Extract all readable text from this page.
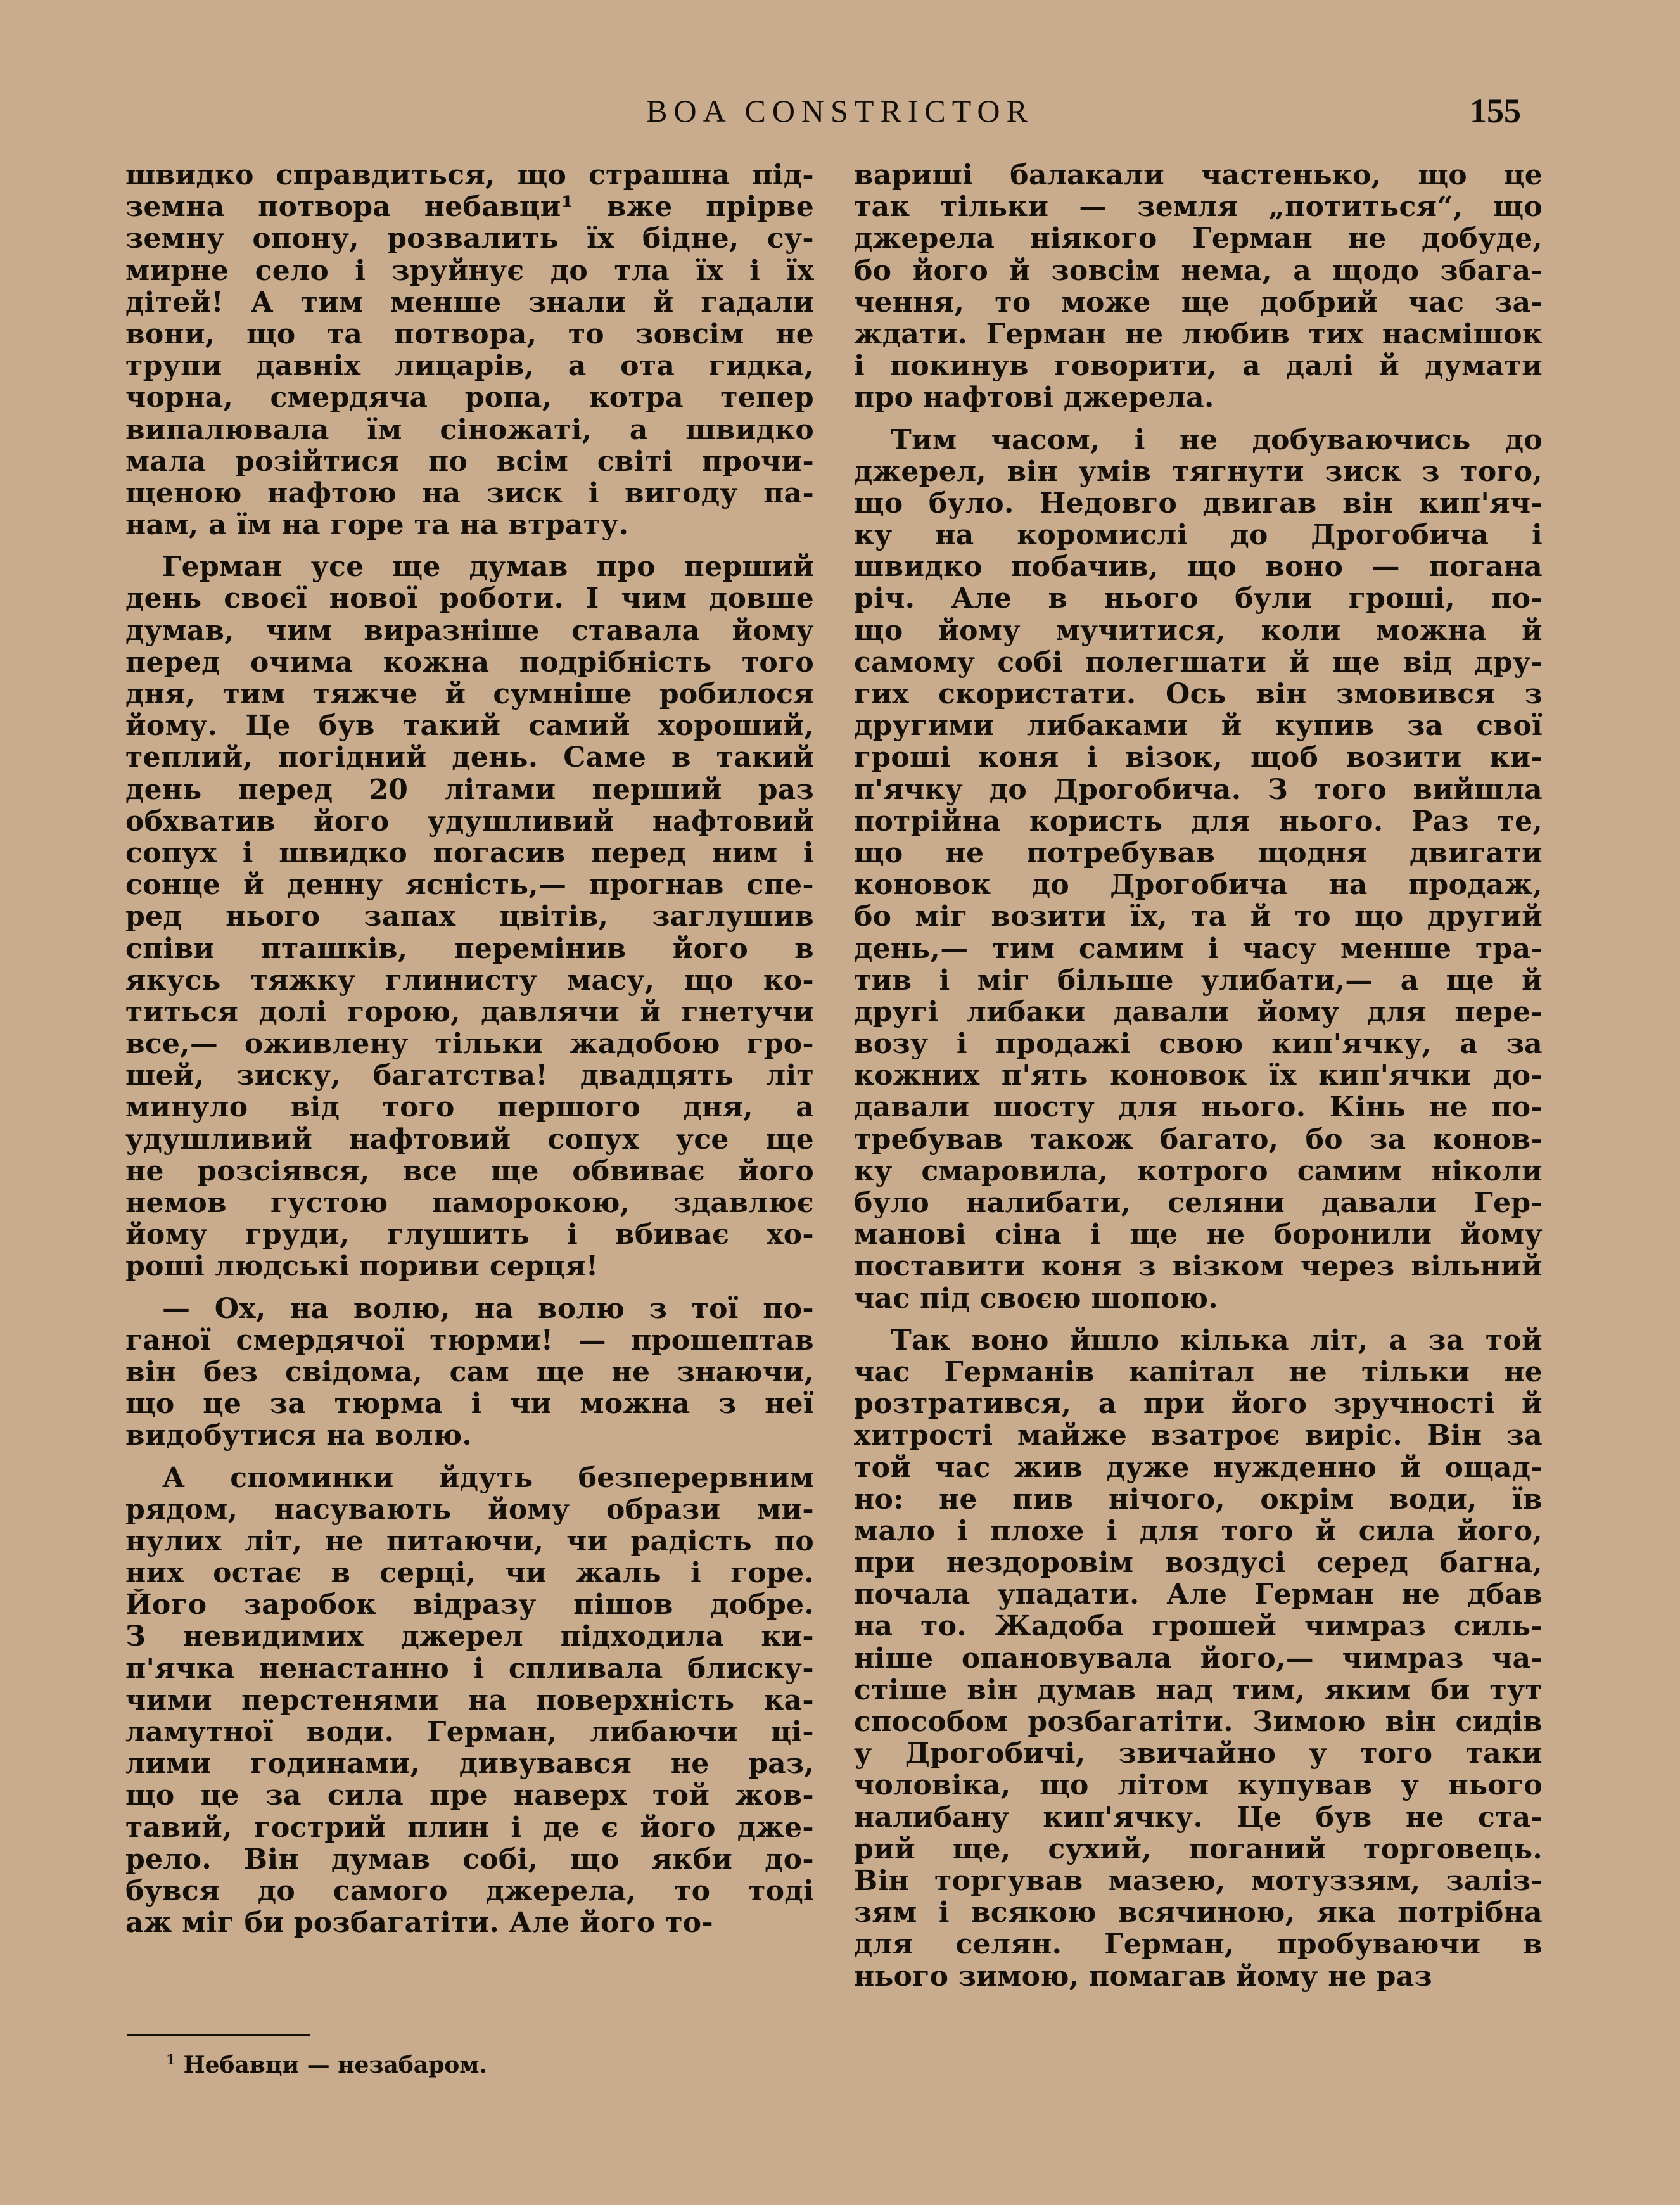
BOA CONSTRICTOR	155
швидко справдиться, що страшна під-
земна потвора небавци¹ вже прірве
земну опону, розвалить їх бідне, су-
мирне село і зруйнує до тла їх і їх
дітей! А тим менше знали й гадали
вони, що та потвора, то зовсім не
трупи давніх лицарів, а ота гидка,
чорна, смердяча ропа, котра тепер
випалювала їм сіножаті, а швидко
мала розійтися по всім світі прочи-
щеною нафтою на зиск і вигоду па-
нам, а їм на горе та на втрату.
Герман усе ще думав про перший
день своєї нової роботи. І чим довше
думав, чим виразніше ставала йому
перед очима кожна подрібність того
дня, тим тяжче й сумніше робилося
йому. Це був такий самий хороший,
теплий, погідний день. Саме в такий
день перед 20 літами перший раз
обхватив його удушливий нафтовий
сопух і швидко погасив перед ним і
сонце й денну ясність,— прогнав спе-
ред нього запах цвітів, заглушив
співи пташків, перемінив його в
якусь тяжку глинисту масу, що ко-
титься долі горою, давлячи й гнетучи
все,— оживлену тільки жадобою гро-
шей, зиску, багатства! двадцять літ
минуло від того першого дня, а
удушливий нафтовий сопух усе ще
не розсіявся, все ще обвиває його
немов густою паморокою, здавлює
йому груди, глушить і вбиває хо-
роші людські пориви серця!
— Ох, на волю, на волю з тої по-
ганої смердячої тюрми! — прошептав
він без свідома, сам ще не знаючи,
що це за тюрма і чи можна з неї
видобутися на волю.
А споминки йдуть безперервним
рядом, насувають йому образи ми-
нулих літ, не питаючи, чи радість по
них остає в серці, чи жаль і горе.
Його заробок відразу пішов добре.
З невидимих джерел підходила ки-
п'ячка ненастанно і спливала блиску-
чими перстенями на поверхність ка-
ламутної води. Герман, либаючи ці-
лими годинами, дивувався не раз,
що це за сила пре наверх той жов-
тавий, гострий плин і де є його дже-
рело. Він думав собі, що якби до-
бувся до самого джерела, то тоді
аж міг би розбагатіти. Але його то-
вариші балакали частенько, що це
так тільки — земля „потиться“, що
джерела ніякого Герман не добуде,
бо його й зовсім нема, а щодо збага-
чення, то може ще добрий час за-
ждати. Герман не любив тих насмішок
і покинув говорити, а далі й думати
про нафтові джерела.
Тим часом, і не добуваючись до
джерел, він умів тягнути зиск з того,
що було. Недовго двигав він кип'яч-
ку на коромислі до Дрогобича і
швидко побачив, що воно — погана
річ. Але в нього були гроші, по-
що йому мучитися, коли можна й
самому собі полегшати й ще від дру-
гих скористати. Ось він змовився з
другими либаками й купив за свої
гроші коня і візок, щоб возити ки-
п'ячку до Дрогобича. З того вийшла
потрійна користь для нього. Раз те,
що не потребував щодня двигати
коновок до Дрогобича на продаж,
бо міг возити їх, та й то що другий
день,— тим самим і часу менше тра-
тив і міг більше улибати,— а ще й
другі либаки давали йому для пере-
возу і продажі свою кип'ячку, а за
кожних п'ять коновок їх кип'ячки до-
давали шосту для нього. Кінь не по-
требував також багато, бо за конов-
ку смаровила, котрого самим ніколи
було налибати, селяни давали Гер-
манові сіна і ще не боронили йому
поставити коня з візком через вільний
час під своєю шопою.
Так воно йшло кілька літ, а за той
час Германів капітал не тільки не
розтратився, а при його зручності й
хитрості майже взатроє виріс. Він за
той час жив дуже нужденно й ощад-
но: не пив нічого, окрім води, їв
мало і плохе і для того й сила його,
при нездоровім воздусі серед багна,
почала упадати. Але Герман не дбав
на то. Жадоба грошей чимраз силь-
ніше опановувала його,— чимраз ча-
стіше він думав над тим, яким би тут
способом розбагатіти. Зимою він сидів
у Дрогобичі, звичайно у того таки
чоловіка, що літом купував у нього
налибану кип'ячку. Це був не ста-
рий ще, сухий, поганий торговець.
Він торгував мазею, мотуззям, заліз-
зям і всякою всячиною, яка потрібна
для селян. Герман, пробуваючи в
нього зимою, помагав йому не раз
$^1$ Небавци — незабаром.
